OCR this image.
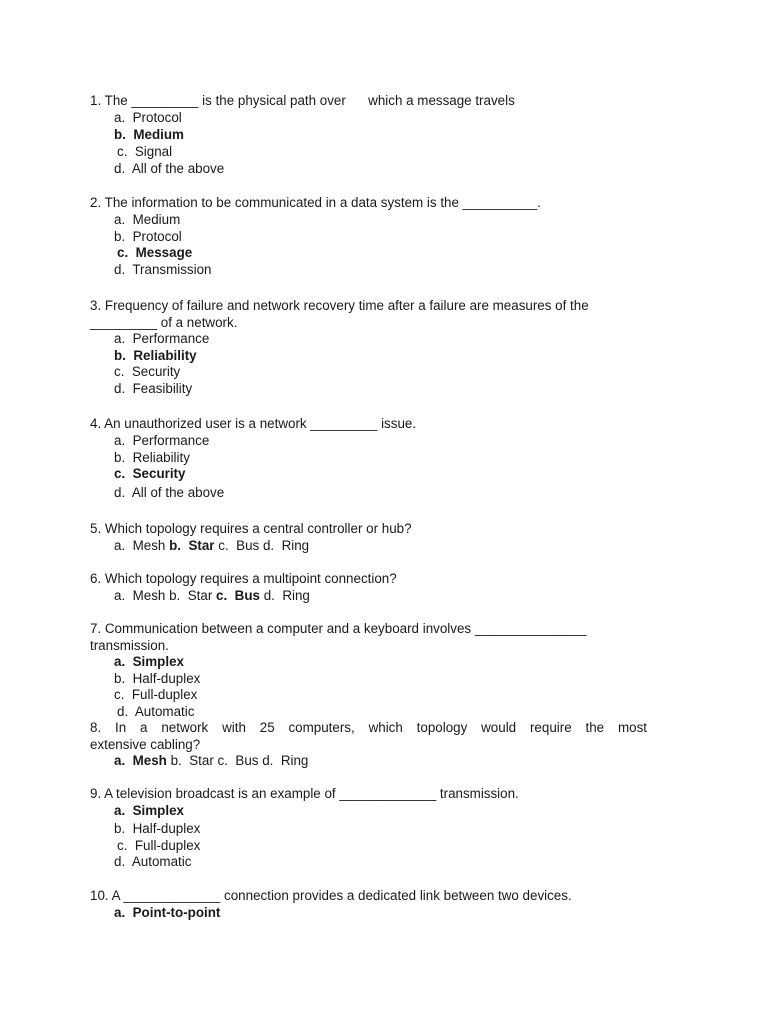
1. The _________ is the physical path over      which a message travels
a. Protocol
b. Medium
c. Signal
d. All of the above
2. The information to be communicated in a data system is the __________.
a. Medium
b. Protocol
c. Message
d. Transmission
3. Frequency of failure and network recovery time after a failure are measures of the
_________ of a network.
a. Performance
b. Reliability
c. Security
d. Feasibility
4. An unauthorized user is a network _________ issue.
a. Performance
b. Reliability
c. Security
d. All of the above
5. Which topology requires a central controller or hub?
a. Mesh b. Star c. Bus d. Ring
6. Which topology requires a multipoint connection?
a. Mesh b. Star c. Bus d. Ring
7. Communication between a computer and a keyboard involves _______________
transmission.
a. Simplex
b. Half-duplex
c. Full-duplex
d. Automatic
8. In a network with 25 computers, which topology would require the most
extensive cabling?
a. Mesh b. Star c. Bus d. Ring
9. A television broadcast is an example of _____________ transmission.
a. Simplex
b. Half-duplex
c. Full-duplex
d. Automatic
10. A _____________ connection provides a dedicated link between two devices.
a. Point-to-point
